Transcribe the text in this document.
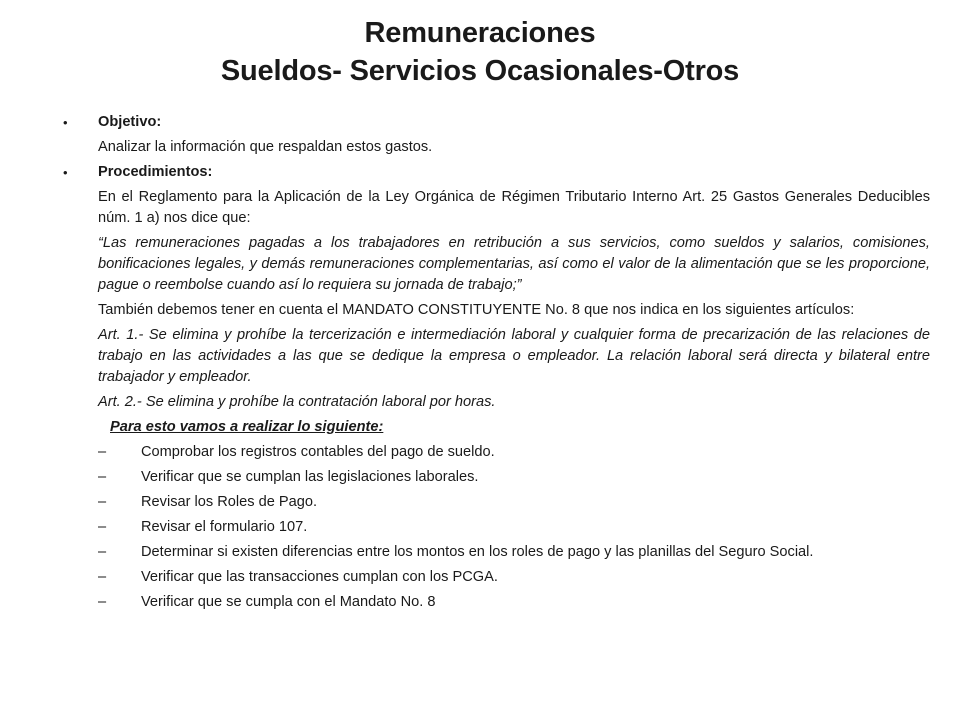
Remuneraciones
Sueldos- Servicios Ocasionales-Otros
• Objetivo:
Analizar la información que respaldan estos gastos.
• Procedimientos:
En el Reglamento para la Aplicación de la Ley Orgánica de Régimen Tributario Interno Art. 25 Gastos Generales Deducibles núm. 1 a) nos dice que:
“Las remuneraciones pagadas a los trabajadores en retribución a sus servicios, como sueldos y salarios, comisiones, bonificaciones legales, y demás remuneraciones complementarias, así como el valor de la alimentación que se les proporcione, pague o reembolse cuando así lo requiera su jornada de trabajo;”
También debemos tener en cuenta el MANDATO CONSTITUYENTE No. 8 que nos indica en los siguientes artículos:
Art. 1.- Se elimina y prohíbe la tercerización e intermediación laboral y cualquier forma de precarización de las relaciones de trabajo en las actividades a las que se dedique la empresa o empleador. La relación laboral será directa y bilateral entre trabajador y empleador.
Art. 2.- Se elimina y prohíbe la contratación laboral por horas.
Para esto vamos a realizar lo siguiente:
– Comprobar los registros contables del pago de sueldo.
– Verificar que se cumplan las legislaciones laborales.
– Revisar los Roles de Pago.
– Revisar el formulario 107.
– Determinar si existen diferencias entre los montos en los roles de pago y las planillas del Seguro Social.
– Verificar que las transacciones cumplan con los PCGA.
– Verificar que se cumpla con el Mandato No. 8
